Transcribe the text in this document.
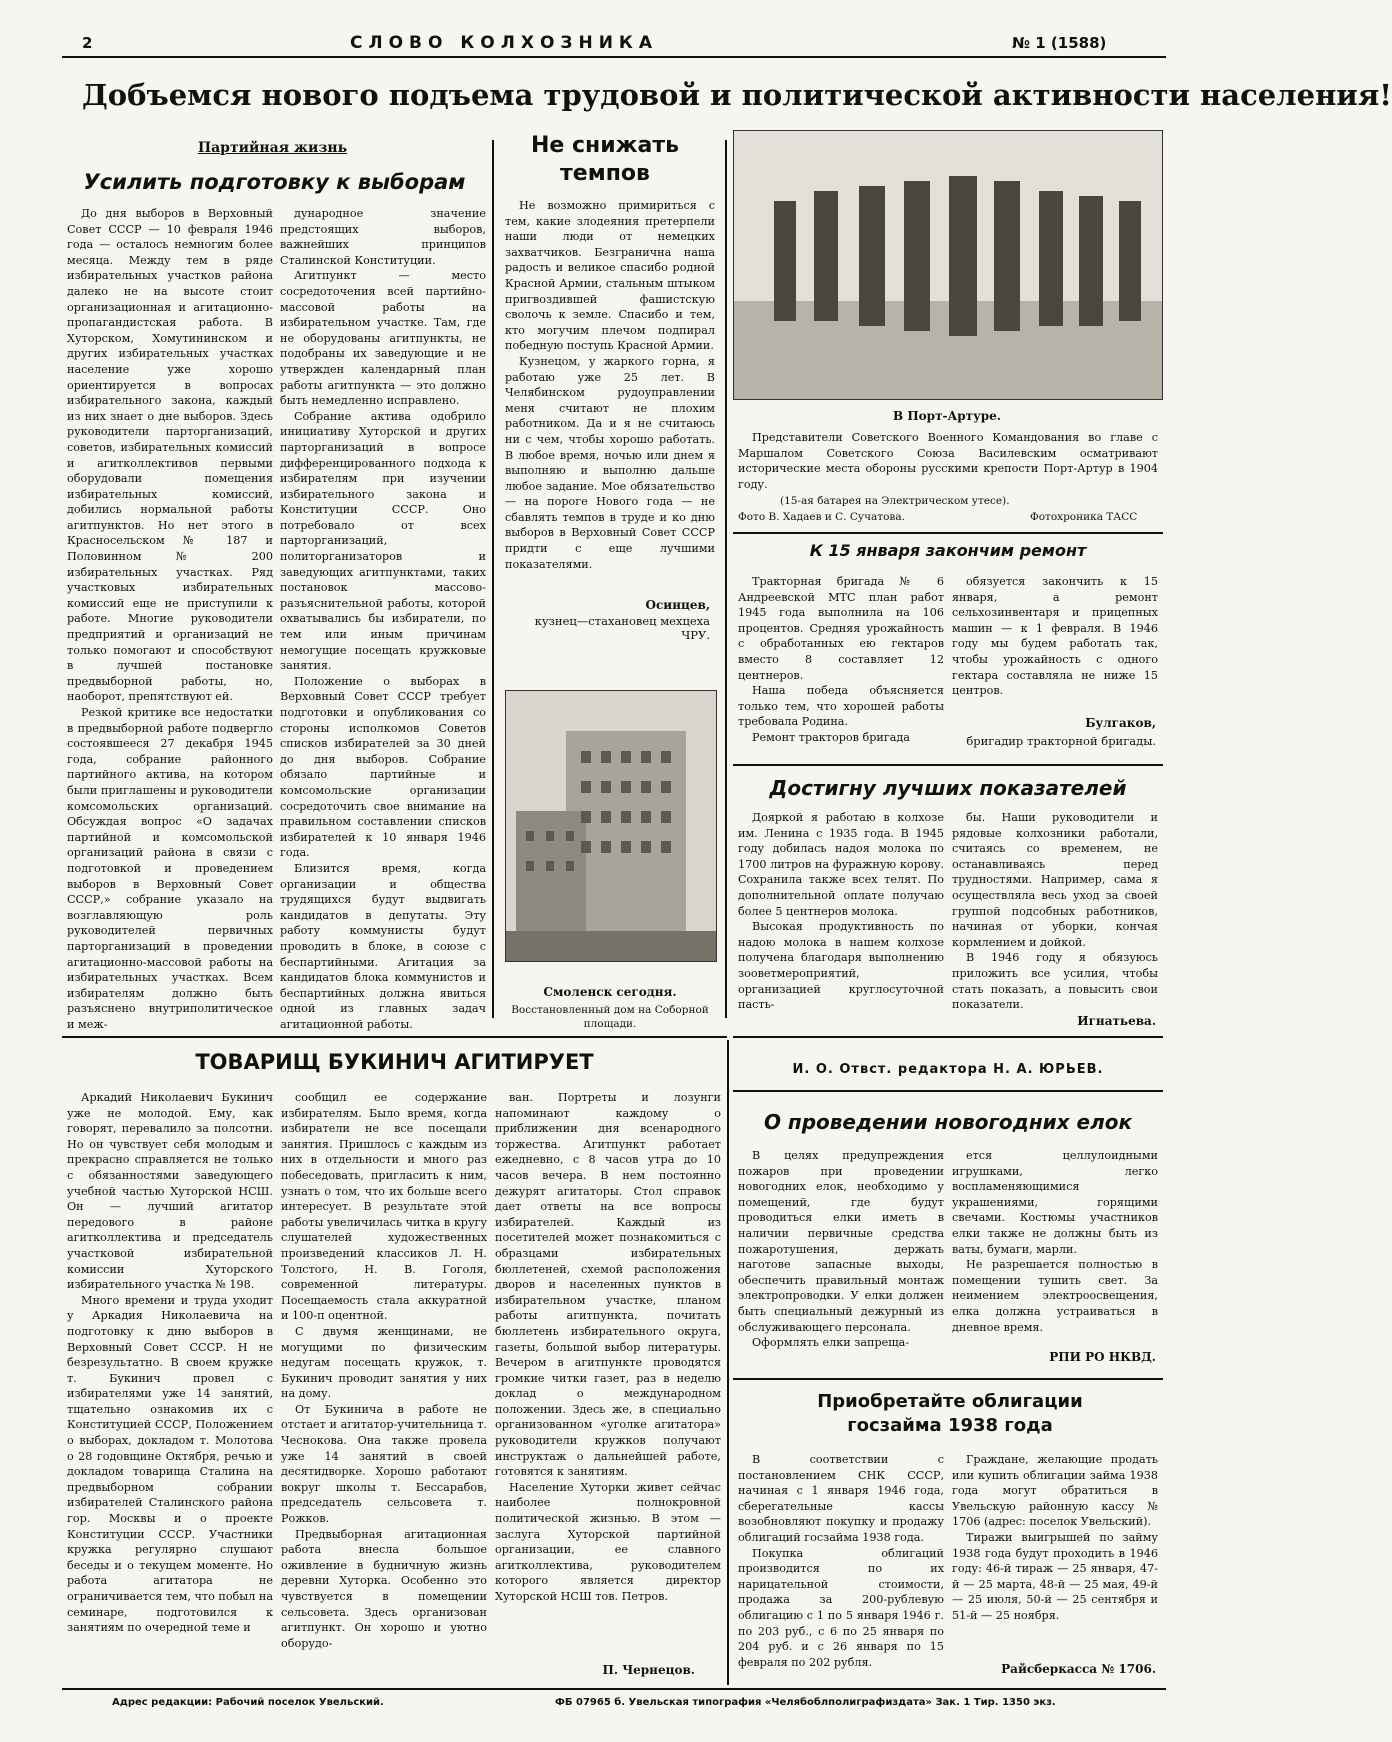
2	СЛОВО КОЛХОЗНИКА	№ 1 (1588)
Добъемся нового подъема трудовой и политической активности населения!
Партийная жизнь
Усилить подготовку к выборам

До дня выборов в Верховный Совет СССР — 10 февраля 1946 года — осталось немногим более месяца. Между тем в ряде избирательных участков района далеко не на высоте стоит организационная и агитационно-пропагандистская работа. В Хуторском, Хомутининском и других избирательных участках население уже хорошо ориентируется в вопросах избирательного закона, каждый из них знает о дне выборов. Здесь руководители парторганизаций, советов, избирательных комиссий и агитколлективов первыми оборудовали помещения избирательных комиссий, добились нормальной работы агитпунктов. Но нет этого в Красносельском № 187 и Половинном № 200 избирательных участках. Ряд участковых избирательных комиссий еще не приступили к работе. Многие руководители предприятий и организаций не только помогают и способствуют в лучшей постановке предвыборной работы, но, наоборот, препятствуют ей.

Резкой критике все недостатки в предвыборной работе подвергло состоявшееся 27 декабря 1945 года, собрание районного партийного актива, на котором были приглашены и руководители комсомольских организаций. Обсуждая вопрос «О задачах партийной и комсомольской организаций района в связи с подготовкой и проведением выборов в Верховный Совет СССР,» собрание указало на возглавляющую роль руководителей первичных парторганизаций в проведении агитационно-массовой работы на избирательных участках. Всем избирателям должно быть разъяснено внутриполитическое и меж-

дународное значение предстоящих выборов, важнейших принципов Сталинской Конституции.

Агитпункт — место сосредоточения всей партийно-массовой работы на избирательном участке. Там, где не оборудованы агитпункты, не подобраны их заведующие и не утвержден календарный план работы агитпункта — это должно быть немедленно исправлено.

Собрание актива одобрило инициативу Хуторской и других парторганизаций в вопросе дифференцированного подхода к избирателям при изучении избирательного закона и Конституции СССР. Оно потребовало от всех парторганизаций, политорганизаторов и заведующих агитпунктами, таких постановок массово-разъяснительной работы, которой охватывались бы избиратели, по тем или иным причинам немогущие посещать кружковые занятия.

Положение о выборах в Верховный Совет СССР требует подготовки и опубликования со стороны исполкомов Советов списков избирателей за 30 дней до дня выборов. Собрание обязало партийные и комсомольские организации сосредоточить свое внимание на правильном составлении списков избирателей к 10 января 1946 года.

Близится время, когда организации и общества трудящихся будут выдвигать кандидатов в депутаты. Эту работу коммунисты будут проводить в блоке, в союзе с беспартийными. Агитация за кандидатов блока коммунистов и беспартийных должна явиться одной из главных задач агитационной работы.

Не снижать темпов

Не возможно примириться с тем, какие злодеяния претерпели наши люди от немецких захватчиков. Безгранична наша радость и великое спасибо родной Красной Армии, стальным штыком пригвоздившей фашистскую сволочь к земле. Спасибо и тем, кто могучим плечом подпирал победную поступь Красной Армии.

Кузнецом, у жаркого горна, я работаю уже 25 лет. В Челябинском рудоуправлении меня считают не плохим работником. Да и я не считаюсь ни с чем, чтобы хорошо работать. В любое время, ночью или днем я выполняю и выполню дальше любое задание. Мое обязательство — на пороге Нового года — не сбавлять темпов в труде и ко дню выборов в Верховный Совет СССР придти с еще лучшими показателями.

Осинцев,
кузнец—стахановец мехцеха ЧРУ.
Смоленск сегодня.
Восстановленный дом на Соборной площади.
В Порт-Артуре.

Представители Советского Военного Командования во главе с Маршалом Советского Союза Василевским осматривают исторические места обороны русскими крепости Порт-Артур в 1904 году.

(15-ая батарея на Электрическом утесе).
Фото В. Хадаев и С. Сучатова.	Фотохроника ТАСС
К 15 января закончим ремонт

Тракторная бригада № 6 Андреевской МТС план работ 1945 года выполнила на 106 процентов. Средняя урожайность с обработанных ею гектаров вместо 8 составляет 12 центнеров.

Наша победа объясняется только тем, что хорошей работы требовала Родина.

Ремонт тракторов бригада

обязуется закончить к 15 января, а ремонт сельхозинвентаря и прицепных машин — к 1 февраля. В 1946 году мы будем работать так, чтобы урожайность с одного гектара составляла не ниже 15 центров.

Булгаков,
бригадир тракторной бригады.
Достигну лучших показателей

Дояркой я работаю в колхозе им. Ленина с 1935 года. В 1945 году добилась надоя молока по 1700 литров на фуражную корову. Сохранила также всех телят. По дополнительной оплате получаю более 5 центнеров молока.

Высокая продуктивность по надою молока в нашем колхозе получена благодаря выполнению зооветмероприятий, организацией круглосуточной пасть-

бы. Наши руководители и рядовые колхозники работали, считаясь со временем, не останавливаясь перед трудностями. Например, сама я осуществляла весь уход за своей группой подсобных работников, начиная от уборки, кончая кормлением и дойкой.

В 1946 году я обязуюсь приложить все усилия, чтобы стать показать, а повысить свои показатели.

Игнатьева.
И. О. Отвст. редактора Н. А. ЮРЬЕВ.
ТОВАРИЩ БУКИНИЧ АГИТИРУЕТ

Аркадий Николаевич Букинич уже не молодой. Ему, как говорят, перевалило за полсотни. Но он чувствует себя молодым и прекрасно справляется не только с обязанностями заведующего учебной частью Хуторской НСШ. Он — лучший агитатор передового в районе агитколлектива и председатель участковой избирательной комиссии Хуторского избирательного участка № 198.

Много времени и труда уходит у Аркадия Николаевича на подготовку к дню выборов в Верховный Совет СССР. Н не безрезультатно. В своем кружке т. Букинич провел с избирателями уже 14 занятий, тщательно ознакомив их с Конституцией СССР, Положением о выборах, докладом т. Молотова о 28 годовщине Октября, речью и докладом товарища Сталина на предвыборном собрании избирателей Сталинского района гор. Москвы и о проекте Конституции СССР. Участники кружка регулярно слушают беседы и о текущем моменте. Но работа агитатора не ограничивается тем, что побыл на семинаре, подготовился к занятиям по очередной теме и

сообщил ее содержание избирателям. Было время, когда избиратели не все посещали занятия. Пришлось с каждым из них в отдельности и много раз побеседовать, пригласить к ним, узнать о том, что их больше всего интересует. В результате этой работы увеличилась читка в кругу слушателей художественных произведений классиков Л. Н. Толстого, Н. В. Гоголя, современной литературы. Посещаемость стала аккуратной и 100-п оцентной.

С двумя женщинами, не могущими по физическим недугам посещать кружок, т. Букинич проводит занятия у них на дому.

От Букинича в работе не отстает и агитатор-учительница т. Чеснокова. Она также провела уже 14 занятий в своей десятидворке. Хорошо работают вокруг школы т. Бессарабов, председатель сельсовета т. Рожков.

Предвыборная агитационная работа внесла большое оживление в будничную жизнь деревни Хуторка. Особенно это чувствуется в помещении сельсовета. Здесь организован агитпункт. Он хорошо и уютно оборудо-

ван. Портреты и лозунги напоминают каждому о приближении дня всенародного торжества. Агитпункт работает ежедневно, с 8 часов утра до 10 часов вечера. В нем постоянно дежурят агитаторы. Стол справок дает ответы на все вопросы избирателей. Каждый из посетителей может познакомиться с образцами избирательных бюллетеней, схемой расположения дворов и населенных пунктов в избирательном участке, планом работы агитпункта, почитать бюллетень избирательного округа, газеты, большой выбор литературы. Вечером в агитпункте проводятся громкие читки газет, раз в неделю доклад о международном положении. Здесь же, в специально организованном «уголке агитатора» руководители кружков получают инструктаж о дальнейшей работе, готовятся к занятиям.

Население Хуторки живет сейчас наиболее полнокровной политической жизнью. В этом — заслуга Хуторской партийной организации, ее славного агитколлектива, руководителем которого является директор Хуторской НСШ тов. Петров.

П. Чернецов.
О проведении новогодних елок

В целях предупреждения пожаров при проведении новогодних елок, необходимо у помещений, где будут проводиться елки иметь в наличии первичные средства пожаротушения, держать наготове запасные выходы, обеспечить правильный монтаж электропроводки. У елки должен быть специальный дежурный из обслуживающего персонала.

Оформлять елки запреща-

ется целлулоидными игрушками, легко воспламеняющимися украшениями, горящими свечами. Костюмы участников елки также не должны быть из ваты, бумаги, марли.

Не разрешается полностью в помещении тушить свет. За неимением электроосвещения, елка должна устраиваться в дневное время.

РПИ РО НКВД.
Приобретайте облигации госзайма 1938 года

В соответствии с постановлением СНК СССР, начиная с 1 января 1946 года, сберегательные кассы возобновляют покупку и продажу облигаций госзайма 1938 года.

Покупка облигаций производится по их нарицательной стоимости, продажа за 200-рублевую облигацию с 1 по 5 января 1946 г. по 203 руб., с 6 по 25 января по 204 руб. и с 26 января по 15 февраля по 202 рубля.

Граждане, желающие продать или купить облигации займа 1938 года могут обратиться в Увельскую районную кассу № 1706 (адрес: поселок Увельский).

Тиражи выигрышей по займу 1938 года будут проходить в 1946 году: 46-й тираж — 25 января, 47-й — 25 марта, 48-й — 25 мая, 49-й — 25 июля, 50-й — 25 сентября и 51-й — 25 ноября.

Райсберкасса № 1706.
Адрес редакции: Рабочий поселок Увельский.	ФБ 07965 б. Увельская типография «Челябоблполиграфиздата» Зак. 1 Тир. 1350 экз.
